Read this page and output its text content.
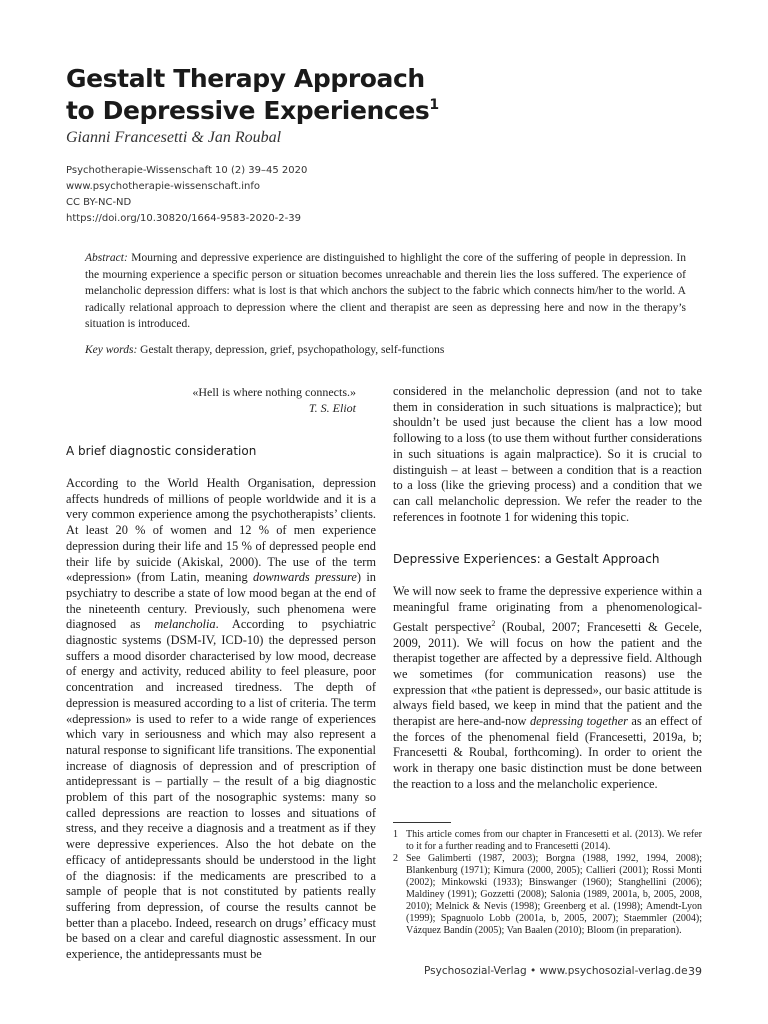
Gestalt Therapy Approach
to Depressive Experiences$^1$
Gianni Francesetti & Jan Roubal
Psychotherapie-Wissenschaft 10 (2) 39–45 2020
www.psychotherapie-wissenschaft.info
CC BY-NC-ND
https://doi.org/10.30820/1664-9583-2020-2-39

Abstract: Mourning and depressive experience are distinguished to highlight the core of the suffering of people in depression. In the mourning experience a specific person or situation becomes unreachable and therein lies the loss suffered. The experience of melancholic depression differs: what is lost is that which anchors the subject to the fabric which connects him/her to the world. A radically relational approach to depression where the client and therapist are seen as depressing here and now in the therapy’s situation is introduced.

Key words: Gestalt therapy, depression, grief, psychopathology, self-functions
«Hell is where nothing connects.»
T. S. Eliot
A brief diagnostic consideration

According to the World Health Organisation, depression affects hundreds of millions of people worldwide and it is a very common experience among the psychotherapists’ clients. At least 20 % of women and 12 % of men experience depression during their life and 15 % of depressed people end their life by suicide (Akiskal, 2000). The use of the term «depression» (from Latin, meaning downwards pressure) in psychiatry to describe a state of low mood began at the end of the nineteenth century. Previously, such phenomena were diagnosed as melancholia. According to psychiatric diagnostic systems (DSM-IV, ICD-10) the depressed person suffers a mood disorder characterised by low mood, decrease of energy and activity, reduced ability to feel pleasure, poor concentration and increased tiredness. The depth of depression is measured according to a list of criteria. The term «depression» is used to refer to a wide range of experiences which vary in seriousness and which may also represent a natural response to significant life transitions. The exponential increase of diagnosis of depression and of prescription of antidepressant is – partially – the result of a big diagnostic problem of this part of the nosographic systems: many so called depressions are reaction to losses and situations of stress, and they receive a diagnosis and a treatment as if they were depressive experiences. Also the hot debate on the efficacy of antidepressants should be understood in the light of the diagnosis: if the medicaments are prescribed to a sample of people that is not constituted by patients really suffering from depression, of course the results cannot be better than a placebo. Indeed, research on drugs’ efficacy must be based on a clear and careful diagnostic assessment. In our experience, the antidepressants must be

considered in the melancholic depression (and not to take them in consideration in such situations is malpractice); but shouldn’t be used just because the client has a low mood following to a loss (to use them without further considerations in such situations is again malpractice). So it is crucial to distinguish – at least – between a condition that is a reaction to a loss (like the grieving process) and a condition that we can call melancholic depression. We refer the reader to the references in footnote 1 for widening this topic.

Depressive Experiences: a Gestalt Approach

We will now seek to frame the depressive experience within a meaningful frame originating from a phenomenological-Gestalt perspective$^2$ (Roubal, 2007; Francesetti & Gecele, 2009, 2011). We will focus on how the patient and the therapist together are affected by a depressive field. Although we sometimes (for communication reasons) use the expression that «the patient is depressed», our basic attitude is always field based, we keep in mind that the patient and the therapist are here-and-now depressing together as an effect of the forces of the phenomenal field (Francesetti, 2019a, b; Francesetti & Roubal, forthcoming). In order to orient the work in therapy one basic distinction must be done between the reaction to a loss and the melancholic experience.

1 This article comes from our chapter in Francesetti et al. (2013). We refer to it for a further reading and to Francesetti (2014).
2 See Galimberti (1987, 2003); Borgna (1988, 1992, 1994, 2008); Blankenburg (1971); Kimura (2000, 2005); Callieri (2001); Rossi Monti (2002); Minkowski (1933); Binswanger (1960); Stanghellini (2006); Maldiney (1991); Gozzetti (2008); Salonia (1989, 2001a, b, 2005, 2008, 2010); Melnick & Nevis (1998); Greenberg et al. (1998); Amendt-Lyon (1999); Spagnuolo Lobb (2001a, b, 2005, 2007); Staemmler (2004); Vázquez Bandín (2005); Van Baalen (2010); Bloom (in preparation).
Psychosozial-Verlag • www.psychosozial-verlag.de 39
